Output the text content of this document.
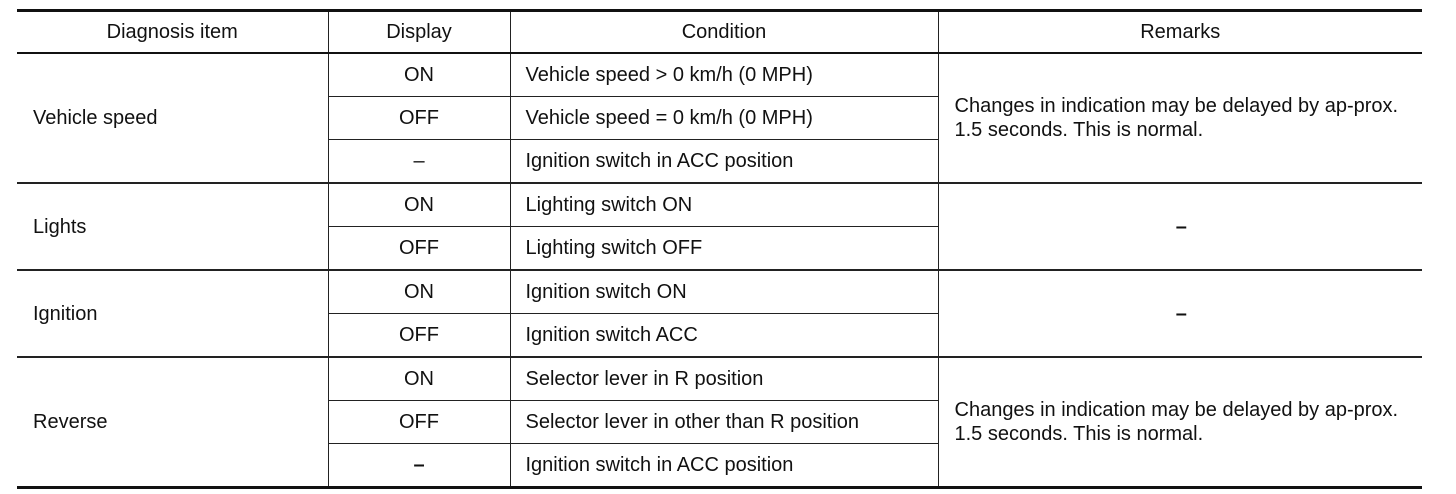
Diagnosis item	Display	Condition	Remarks
Vehicle speed	ON	Vehicle speed > 0 km/h (0 MPH)	Changes in indication may be delayed by ap-prox. 1.5 seconds. This is normal.
	OFF	Vehicle speed = 0 km/h (0 MPH)	
	–	Ignition switch in ACC position	
Lights	ON	Lighting switch ON	–
	OFF	Lighting switch OFF	
Ignition	ON	Ignition switch ON	–
	OFF	Ignition switch ACC	
Reverse	ON	Selector lever in R position	Changes in indication may be delayed by ap-prox. 1.5 seconds. This is normal.
	OFF	Selector lever in other than R position	
	–	Ignition switch in ACC position	
